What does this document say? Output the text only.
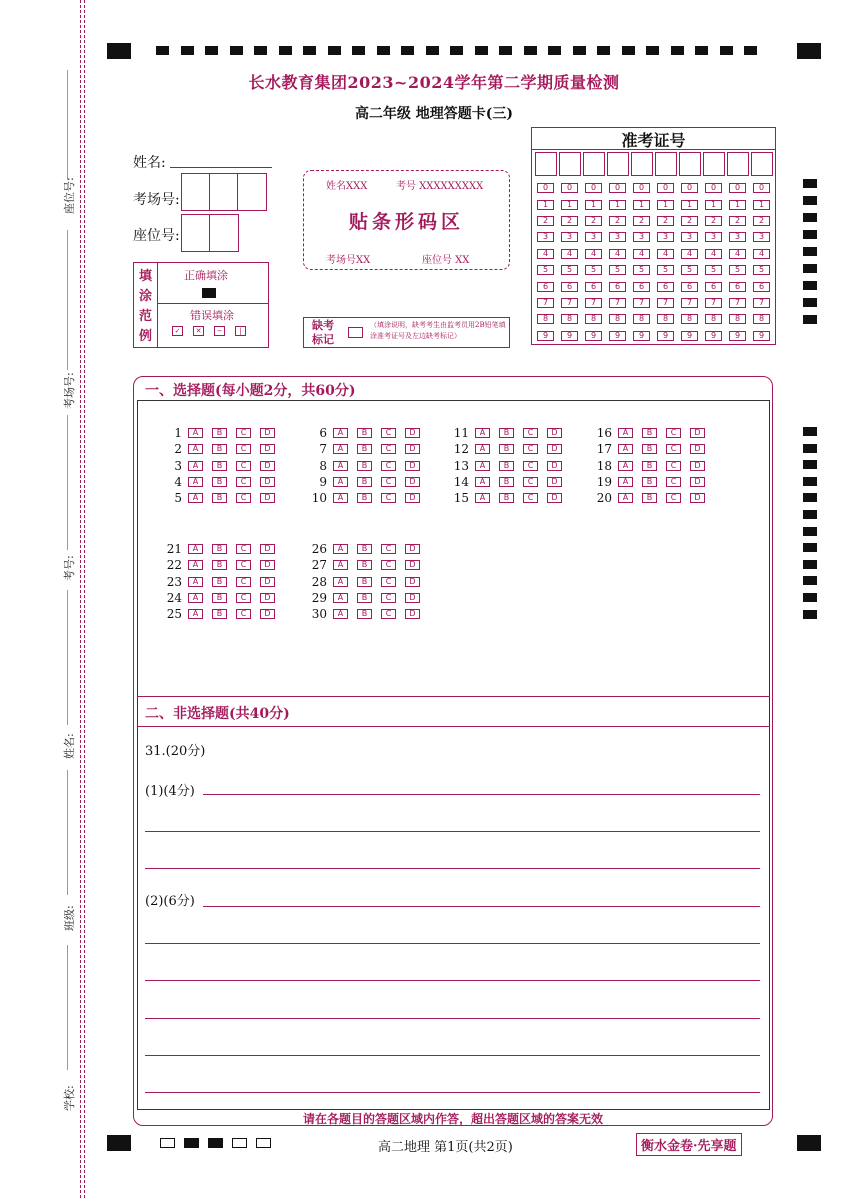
座位号:
考场号:
考号:
姓名:
班级:
学校:
长水教育集团2023~2024学年第二学期质量检测
高二年级 地理答题卡(三)
姓名:
考场号:
座位号:
姓名XXX	考号 XXXXXXXXX
贴条形码区
考场号XX	座位号 XX
填涂范例
正确填涂
错误填涂
✓	✕	−	|	缺考标记
（填涂说明，缺考考生由监考员用2B铅笔填涂准考证号及左边缺考标记）
准考证号
0	0	0	0	0	0	0	0	0	0
1	1	1	1	1	1	1	1	1	1
2	2	2	2	2	2	2	2	2	2
3	3	3	3	3	3	3	3	3	3
4	4	4	4	4	4	4	4	4	4
5	5	5	5	5	5	5	5	5	5
6	6	6	6	6	6	6	6	6	6
7	7	7	7	7	7	7	7	7	7
8	8	8	8	8	8	8	8	8	8
9	9	9	9	9	9	9	9	9	9
一、选择题(每小题2分，共60分)
1	A	B	C	D
2	A	B	C	D
3	A	B	C	D
4	A	B	C	D
5	A	B	C	D
6	A	B	C	D
7	A	B	C	D
8	A	B	C	D
9	A	B	C	D
10	A	B	C	D
11	A	B	C	D
12	A	B	C	D
13	A	B	C	D
14	A	B	C	D
15	A	B	C	D
16	A	B	C	D
17	A	B	C	D
18	A	B	C	D
19	A	B	C	D
20	A	B	C	D
21	A	B	C	D
22	A	B	C	D
23	A	B	C	D
24	A	B	C	D
25	A	B	C	D
26	A	B	C	D
27	A	B	C	D
28	A	B	C	D
29	A	B	C	D
30	A	B	C	D
二、非选择题(共40分)
31.(20分)
(1)(4分)
(2)(6分)
请在各题目的答题区域内作答，超出答题区域的答案无效
高二地理 第1页(共2页)	衡水金卷·先享题
